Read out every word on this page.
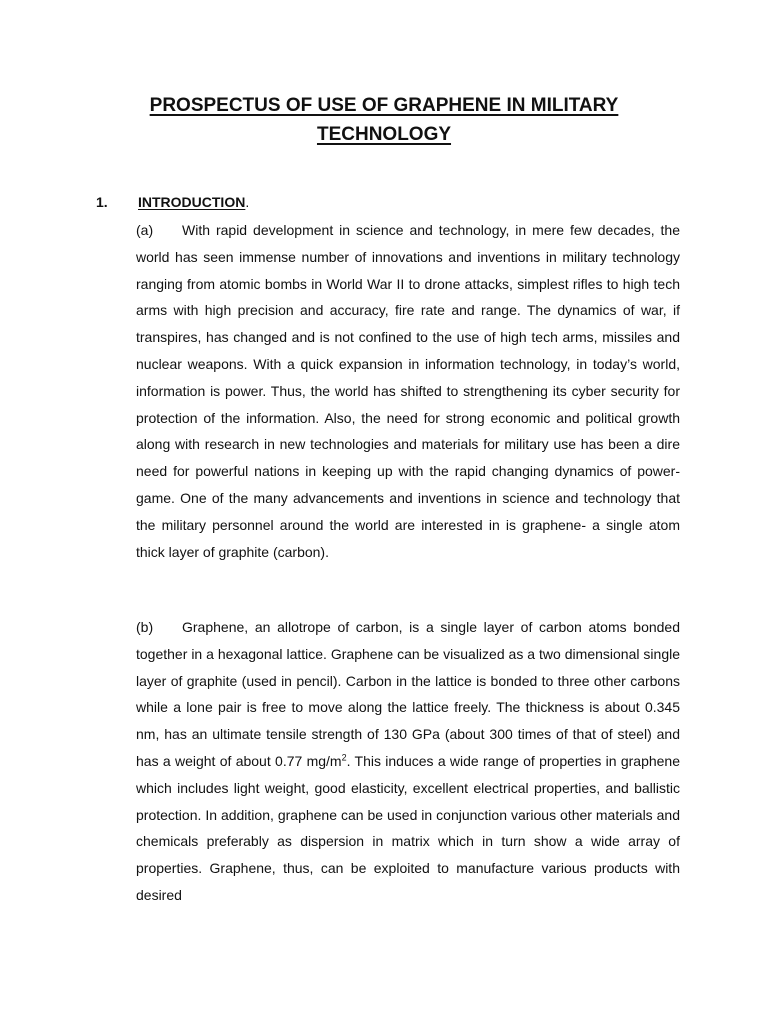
PROSPECTUS OF USE OF GRAPHENE IN MILITARY TECHNOLOGY
1. INTRODUCTION.

(a) With rapid development in science and technology, in mere few decades, the world has seen immense number of innovations and inventions in military technology ranging from atomic bombs in World War II to drone attacks, simplest rifles to high tech arms with high precision and accuracy, fire rate and range. The dynamics of war, if transpires, has changed and is not confined to the use of high tech arms, missiles and nuclear weapons. With a quick expansion in information technology, in today’s world, information is power. Thus, the world has shifted to strengthening its cyber security for protection of the information. Also, the need for strong economic and political growth along with research in new technologies and materials for military use has been a dire need for powerful nations in keeping up with the rapid changing dynamics of power-game. One of the many advancements and inventions in science and technology that the military personnel around the world are interested in is graphene- a single atom thick layer of graphite (carbon).

(b) Graphene, an allotrope of carbon, is a single layer of carbon atoms bonded together in a hexagonal lattice. Graphene can be visualized as a two dimensional single layer of graphite (used in pencil). Carbon in the lattice is bonded to three other carbons while a lone pair is free to move along the lattice freely. The thickness is about 0.345 nm, has an ultimate tensile strength of 130 GPa (about 300 times of that of steel) and has a weight of about 0.77 $mg/m^2$. This induces a wide range of properties in graphene which includes light weight, good elasticity, excellent electrical properties, and ballistic protection. In addition, graphene can be used in conjunction various other materials and chemicals preferably as dispersion in matrix which in turn show a wide array of properties. Graphene, thus, can be exploited to manufacture various products with desired
